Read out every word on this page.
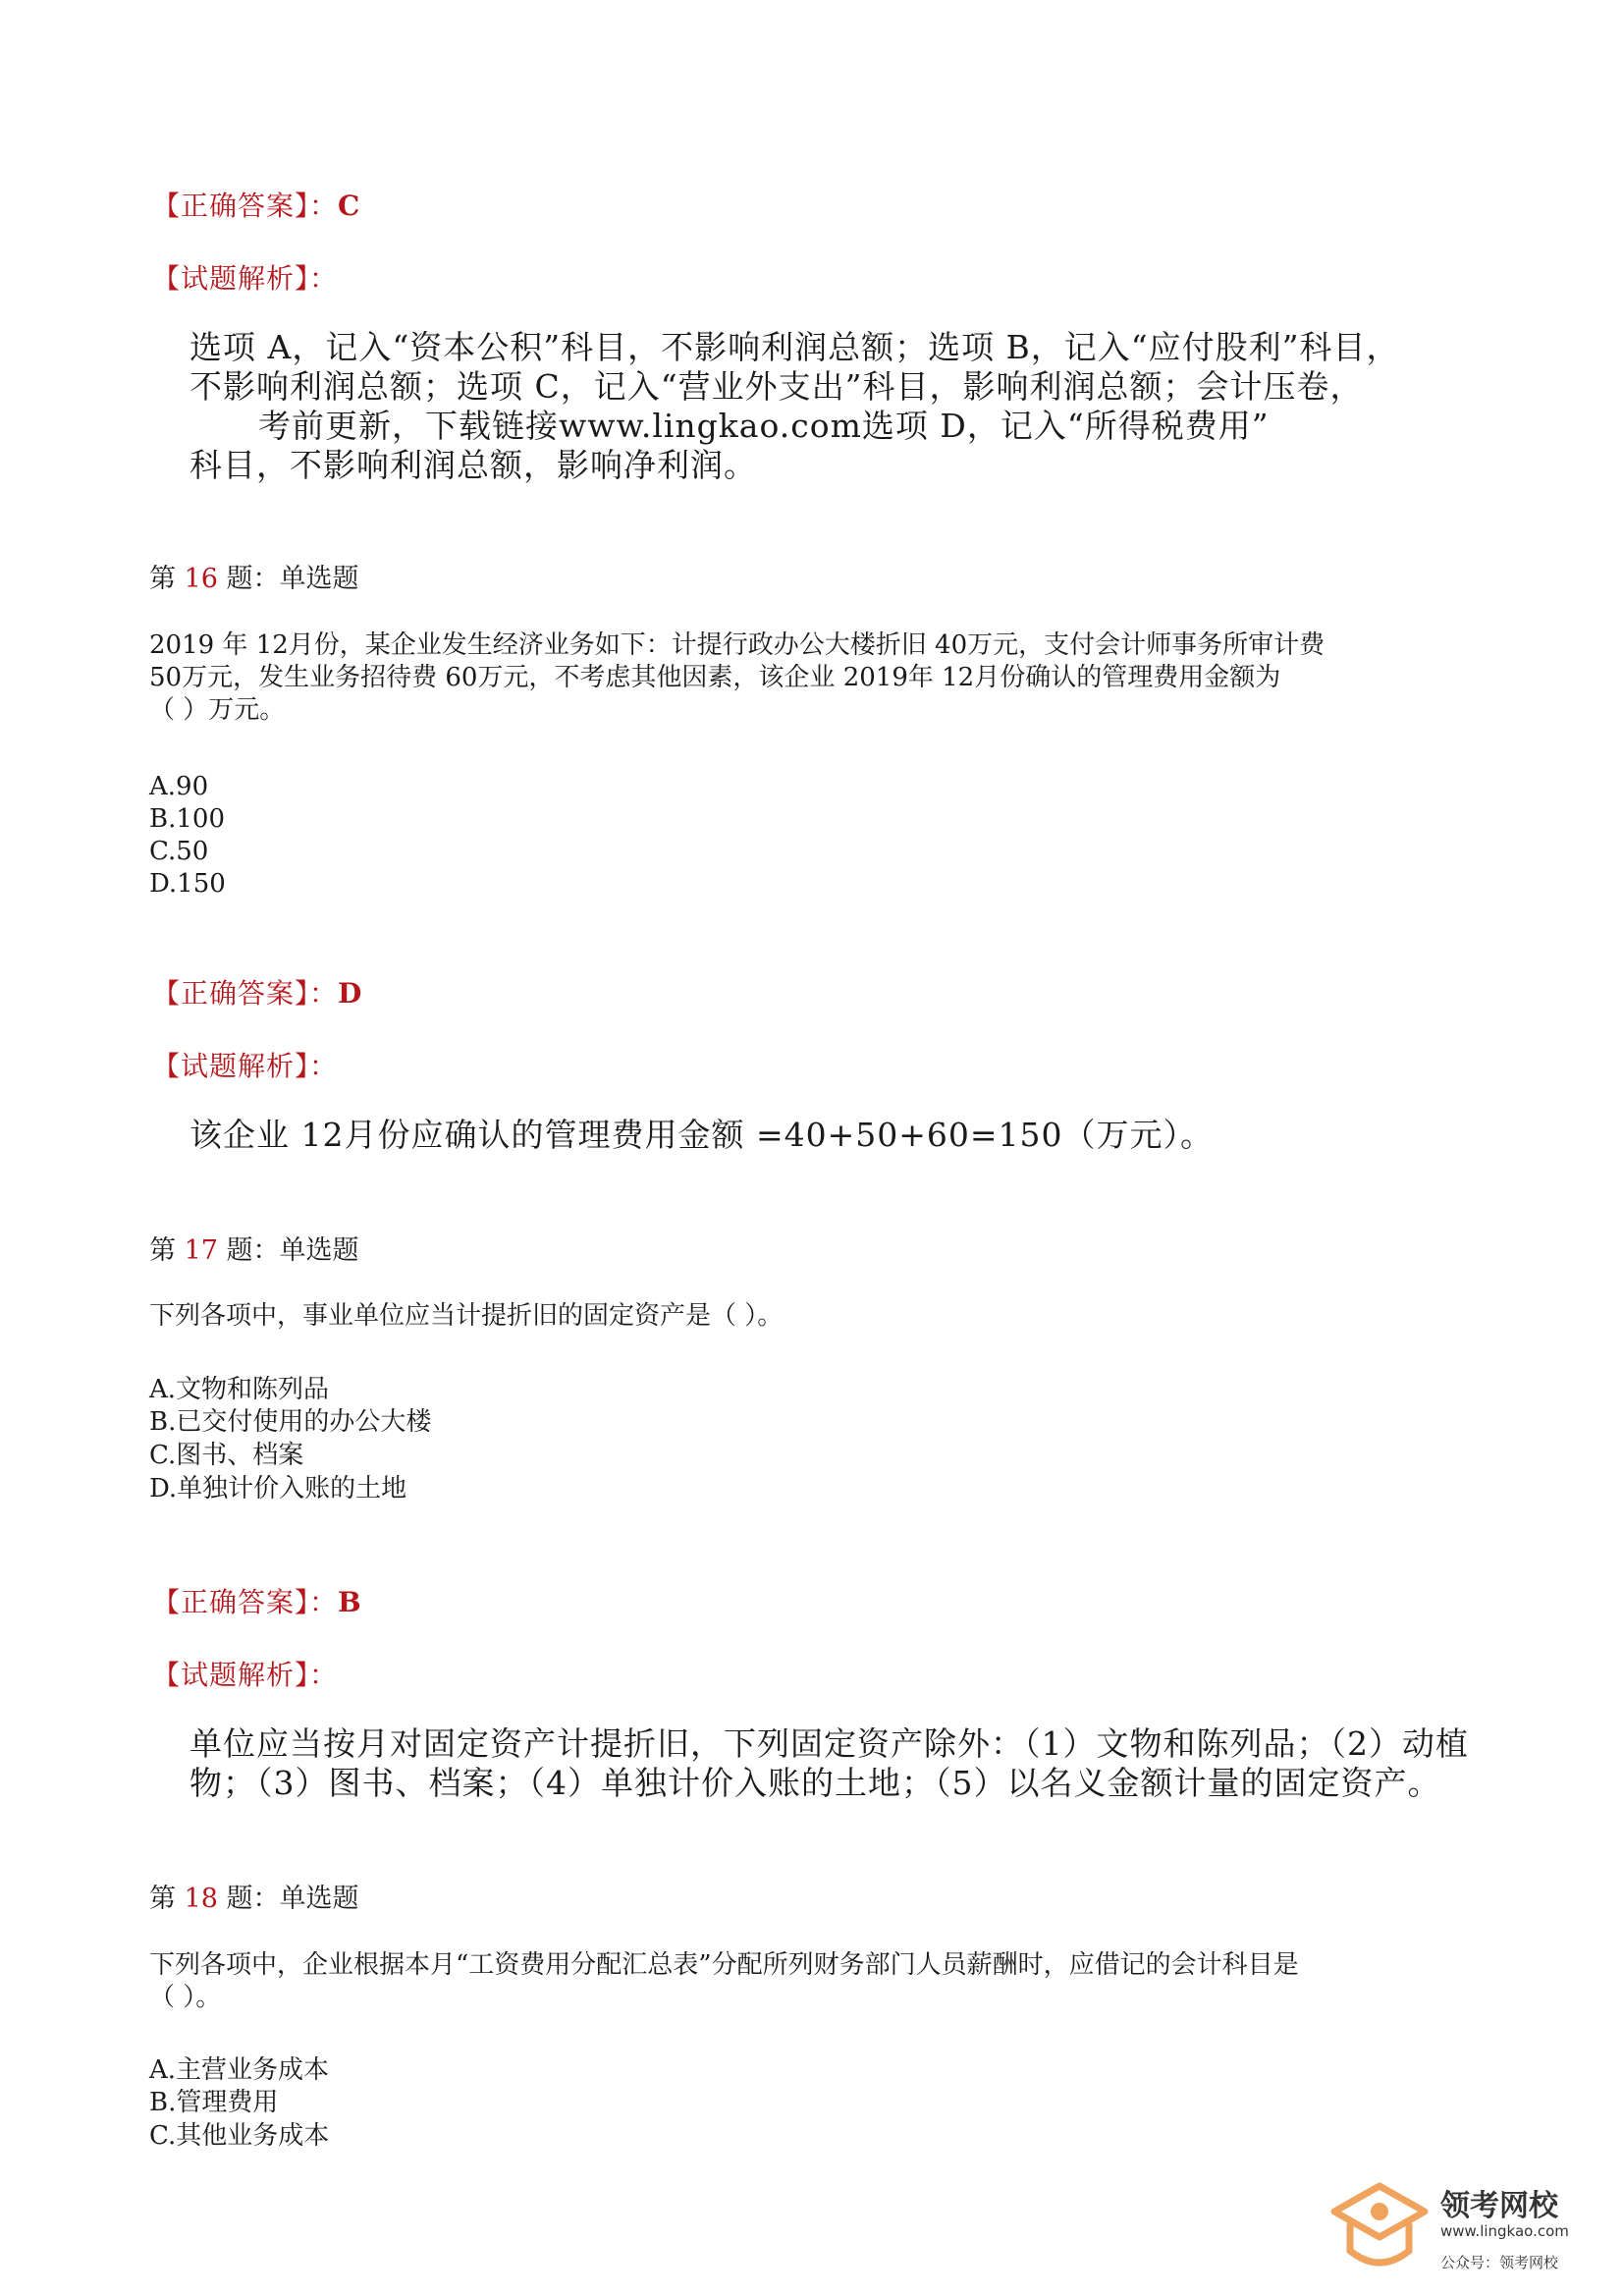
【正确答案】：C
【试题解析】：
选项 A，记入“资本公积”科目，不影响利润总额；选项 B，记入“应付股利”科目，
不影响利润总额；选项 C，记入“营业外支出”科目，影响利润总额；会计压卷，
考前更新，下载链接www.lingkao.com选项 D，记入“所得税费用”
科目，不影响利润总额，影响净利润。
第 16 题：单选题
2019 年 12月份，某企业发生经济业务如下：计提行政办公大楼折旧 40万元，支付会计师事务所审计费
50万元，发生业务招待费 60万元，不考虑其他因素，该企业 2019年 12月份确认的管理费用金额为
（ ）万元。
A.90
B.100
C.50
D.150
【正确答案】：D
【试题解析】：
该企业 12月份应确认的管理费用金额 =40+50+60=150（万元）。
第 17 题：单选题
下列各项中，事业单位应当计提折旧的固定资产是（ ）。
A.文物和陈列品
B.已交付使用的办公大楼
C.图书、档案
D.单独计价入账的土地
【正确答案】：B
【试题解析】：
单位应当按月对固定资产计提折旧，下列固定资产除外：（1）文物和陈列品；（2）动植
物；（3）图书、档案；（4）单独计价入账的土地；（5）以名义金额计量的固定资产。
第 18 题：单选题
下列各项中，企业根据本月“工资费用分配汇总表”分配所列财务部门人员薪酬时，应借记的会计科目是
（ ）。
A.主营业务成本
B.管理费用
C.其他业务成本
领考网校
www.lingkao.com
公众号：领考网校
